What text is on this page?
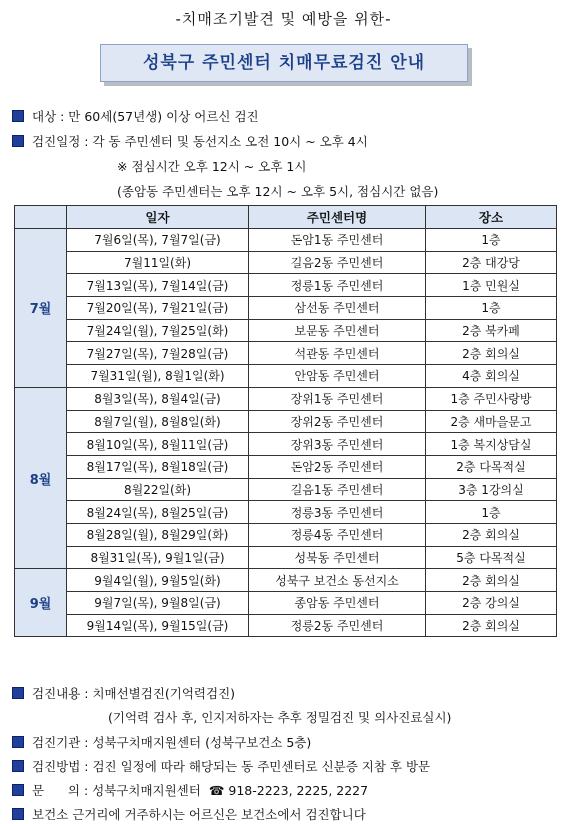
-치매조기발견 및 예방을 위한-
성북구 주민센터 치매무료검진 안내
대상 : 만 60세(57년생) 이상 어르신 검진
검진일정 : 각 동 주민센터 및 동선지소 오전 10시 ~ 오후 4시
※ 점심시간 오후 12시 ~ 오후 1시
(종암동 주민센터는 오후 12시 ~ 오후 5시, 점심시간 없음)
	일자	주민센터명	장소
7월	7월6일(목), 7월7일(금)	돈암1동 주민센터	1층
	7월11일(화)	길음2동 주민센터	2층 대강당
	7월13일(목), 7월14일(금)	정릉1동 주민센터	1층 민원실
	7월20일(목), 7월21일(금)	삼선동 주민센터	1층
	7월24일(월), 7월25일(화)	보문동 주민센터	2층 북카페
	7월27일(목), 7월28일(금)	석관동 주민센터	2층 회의실
	7월31일(월), 8월1일(화)	안암동 주민센터	4층 회의실
8월	8월3일(목), 8월4일(금)	장위1동 주민센터	1층 주민사랑방
	8월7일(월), 8월8일(화)	장위2동 주민센터	2층 새마을문고
	8월10일(목), 8월11일(금)	장위3동 주민센터	1층 복지상담실
	8월17일(목), 8월18일(금)	돈암2동 주민센터	2층 다목적실
	8월22일(화)	길음1동 주민센터	3층 1강의실
	8월24일(목), 8월25일(금)	정릉3동 주민센터	1층
	8월28일(월), 8월29일(화)	정릉4동 주민센터	2층 회의실
	8월31일(목), 9월1일(금)	성북동 주민센터	5층 다목적실
9월	9월4일(월), 9월5일(화)	성북구 보건소 동선지소	2층 회의실
	9월7일(목), 9월8일(금)	종암동 주민센터	2층 강의실
	9월14일(목), 9월15일(금)	정릉2동 주민센터	2층 회의실
검진내용 : 치매선별검진(기억력검진)
(기억력 검사 후, 인지저하자는 추후 정밀검진 및 의사진료실시)
검진기관 : 성북구치매지원센터 (성북구보건소 5층)
검진방법 : 검진 일정에 따라 해당되는 동 주민센터로 신분증 지참 후 방문
문      의 : 성북구치매지원센터 ☎ 918-2223, 2225, 2227
보건소 근거리에 거주하시는 어르신은 보건소에서 검진합니다
